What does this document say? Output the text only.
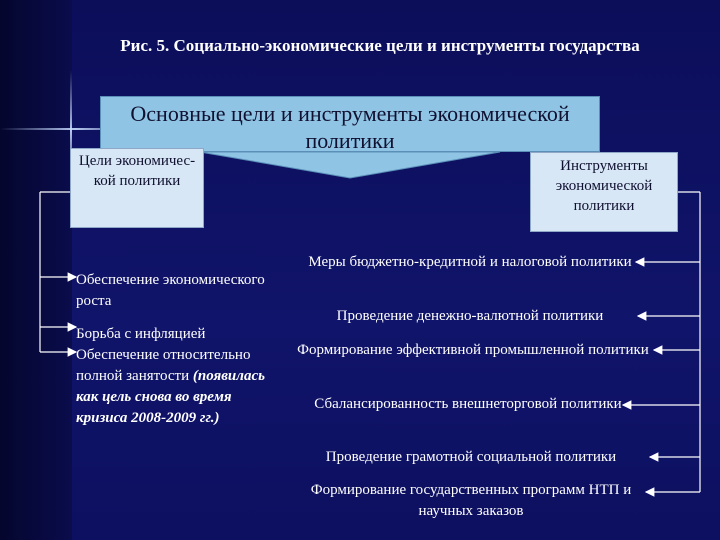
Рис. 5. Социально-экономические цели и инструменты государства
Основные цели и инструменты экономической политики
Цели экономичес-кой политики
Инструменты экономической политики

Обеспечение экономического роста

Борьба с инфляцией

Обеспечение относительно полной занятости (появилась как цель снова во время кризиса 2008-2009 гг.)

Меры бюджетно-кредитной и налоговой политики
Проведение денежно-валютной политики
Формирование эффективной промышленной политики
Сбалансированность внешнеторговой политики
Проведение грамотной социальной политики
Формирование государственных программ НТП и научных заказов
